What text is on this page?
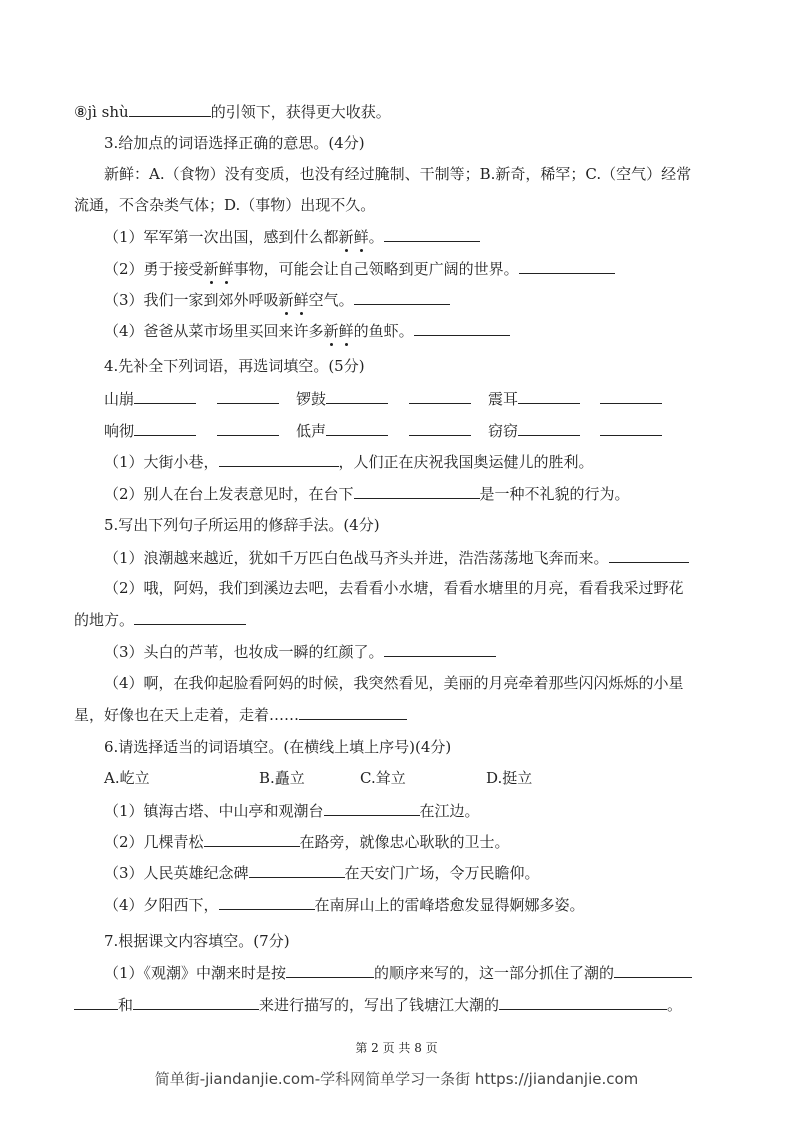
⑧jì shù	的引领下，获得更大收获。
3.给加点的词语选择正确的意思。(4分)
新鲜：A.（食物）没有变质，也没有经过腌制、干制等；B.新奇，稀罕；C.（空气）经常
流通，不含杂类气体；D.（事物）出现不久。
（1）军军第一次出国，感到什么都新鲜。
（2）勇于接受新鲜事物，可能会让自己领略到更广阔的世界。
（3）我们一家到郊外呼吸新鲜空气。
（4）爸爸从菜市场里买回来许多新鲜的鱼虾。
4.先补全下列词语，再选词填空。(5分)
山崩	锣鼓	震耳
响彻	低声	窃窃
（1）大街小巷，	，人们正在庆祝我国奥运健儿的胜利。
（2）别人在台上发表意见时，在台下	是一种不礼貌的行为。
5.写出下列句子所运用的修辞手法。(4分)
（1）浪潮越来越近，犹如千万匹白色战马齐头并进，浩浩荡荡地飞奔而来。
（2）哦，阿妈，我们到溪边去吧，去看看小水塘，看看水塘里的月亮，看看我采过野花
的地方。
（3）头白的芦苇，也妆成一瞬的红颜了。
（4）啊，在我仰起脸看阿妈的时候，我突然看见，美丽的月亮牵着那些闪闪烁烁的小星
星，好像也在天上走着，走着……
6.请选择适当的词语填空。(在横线上填上序号)(4分)
A.屹立	B.矗立	C.耸立	D.挺立
（1）镇海古塔、中山亭和观潮台	在江边。
（2）几棵青松	在路旁，就像忠心耿耿的卫士。
（3）人民英雄纪念碑	在天安门广场，令万民瞻仰。
（4）夕阳西下，	在南屏山上的雷峰塔愈发显得婀娜多姿。
7.根据课文内容填空。(7分)
（1）《观潮》中潮来时是按	的顺序来写的，这一部分抓住了潮的
和	来进行描写的，写出了钱塘江大潮的	。
第 2 页 共 8 页
简单街-jiandanjie.com-学科网简单学习一条街 https://jiandanjie.com
